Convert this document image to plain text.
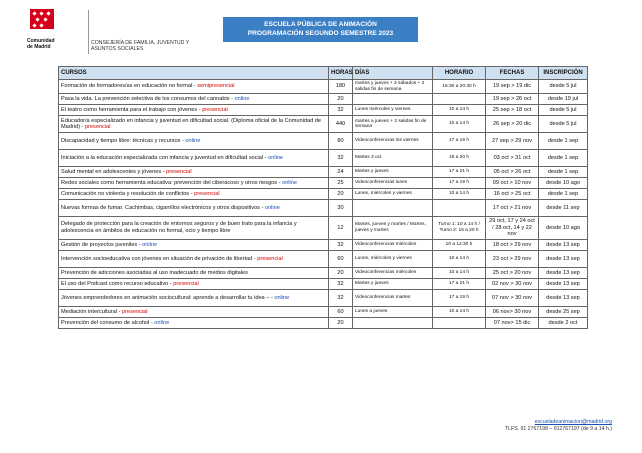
Comunidad de Madrid
CONSEJERÍA DE FAMILIA, JUVENTUD Y ASUNTOS SOCIALES
ESCUELA PÚBLICA DE ANIMACIÓN
PROGRAMACIÓN SEGUNDO SEMESTRE 2023
CURSOS	HORAS	DÍAS	HORARIO	FECHAS	INSCRIPCIÓN
Formación de formadores/as en educación no formal - semipresencial	180	martes y jueves + 3 sábados + 2 salidas fin de semana	16:30 a 20:30 h	19 sep > 19 dic	desde 5 jul
Pasa la vida. La prevención selectiva de los consumos del cannabis - online	20			19 sep > 26 oct	desde 19 jul
El teatro como herramienta para el trabajo con jóvenes - presencial	32	Lunes miércoles y viernes	10 a 14 h	25 sep > 18 oct	desde 5 jul
Educador/a especializado en infancia y juventud en dificultad social. (Diploma oficial de la Comunidad de Madrid) - presencial	440	martes a jueves + 2 salidas fin de semana	10 a 14 h	26 sep > 20 dic	desde 5 jul
Discapacidad y tiempo libre: técnicas y recursos - online	80	Videoconferencias los viernes	17 a 19 h	27 sep > 29 nov	desde 1 sep
Iniciación a la educación especializada con infancia y juventud en dificultad social - online	32	Martes 3 oct	18 a 20 h	03 oct > 31 oct	desde 1 sep
Salud mental en adolescentes y jóvenes - presencial	24	Martes y jueves	17 a 21 h	05 oct > 26 oct	desde 1 sep
Redes sociales como herramienta educativa: prevención del ciberacoso y otros riesgos - online	25	Videoconferencias lunes	17 a 19 h	09 oct > 10 nov	desde 10 ago
Comunicación no violenta y resolución de conflictos - presencial	20	Lunes, miércoles y viernes	10 a 14 h	16 oct > 25 oct	desde 1 sep
Nuevas formas de fumar. Cachimbas, cigarrillos electrónicos y otros dispositivos - online	30			17 oct > 21 nov	desde 11 sep
Delegado de protección para la creación de entornos seguros y de buen trato para la infancia y adolescencia en ámbitos de educación no formal, ocio y tiempo libre	12	Martes, jueves y martes / Martes, jueves y martes	Turno 1: 10 a 14 h / Turno 2: 16 a 20 h	29 oct, 17 y 24 oct / 28 oct, 14 y 22 nov	desde 10 ago
Gestión de proyectos juveniles - online	32	Videoconferencias miércoles	10 a 12:30 h	18 oct > 29 nov	desde 13 sep
Intervención socioeducativa con jóvenes en situación de privación de libertad - presencial	60	Lunes, miércoles y viernes	10 a 14 h	23 oct > 29 nov	desde 13 sep
Prevención de adicciones asociadas al uso inadecuado de medios digitales	20	Videoconferencias miércoles	10 a 14 h	25 oct > 20 nov	desde 13 sep
El uso del Podcast como recurso educativo - presencial	32	Martes y jueves	17 a 21 h	02 nov > 30 nov	desde 13 sep
Jóvenes emprendedores en animación sociocultural: aprende a desarrollar tu idea – - online	32	Videoconferencias martes	17 a 19 h	07 nov > 30 nov	desde 13 sep
Mediación intercultural - presencial	60	Lunes a jueves	10 a 14 h	06 nov> 30 nov	desde 25 sep
Prevención del consumo de alcohol - online	20			07 nov> 15 dic	desde 2 oct
escueladeanimacion@madrid.org
TLFS. 91 2767198 – 912767197 (de 9 a 14 h.)
